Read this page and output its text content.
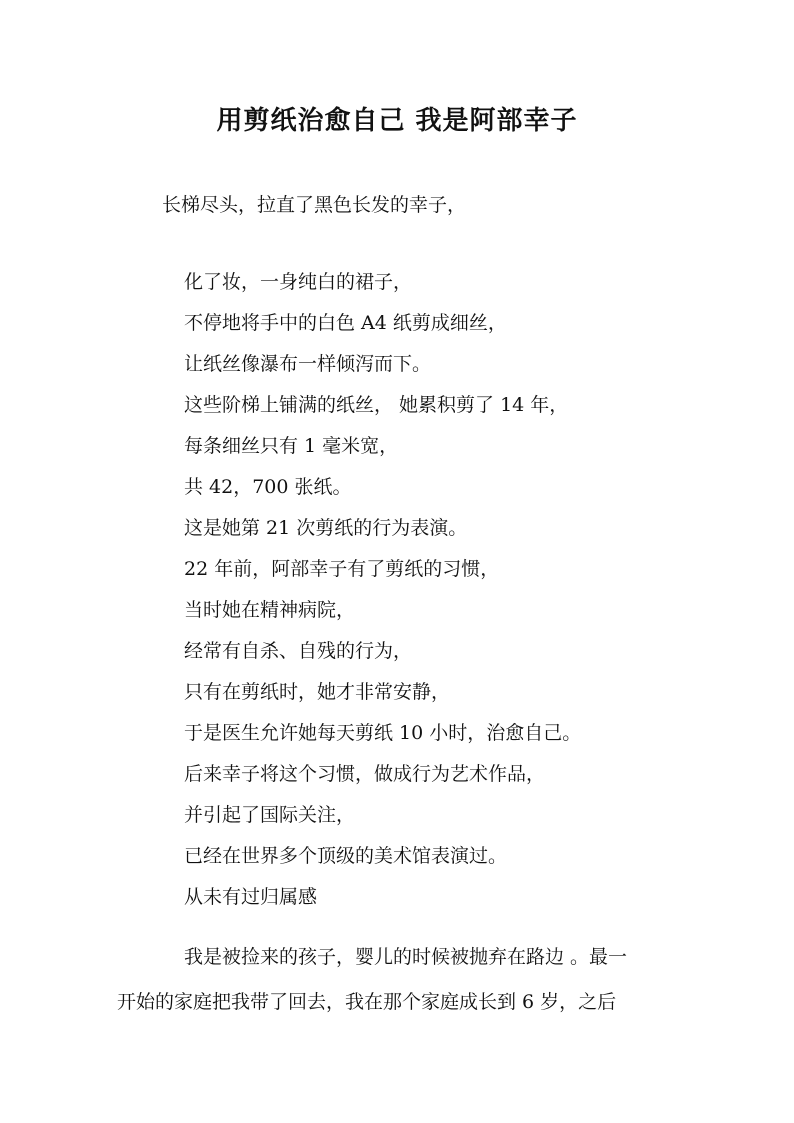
用剪纸治愈自己 我是阿部幸子
长梯尽头，拉直了黑色长发的幸子，
化了妆，一身纯白的裙子，
不停地将手中的白色 A4 纸剪成细丝，
让纸丝像瀑布一样倾泻而下。
这些阶梯上铺满的纸丝， 她累积剪了 14 年，
每条细丝只有 1 毫米宽，
共 42，700 张纸。
这是她第 21 次剪纸的行为表演。
22 年前，阿部幸子有了剪纸的习惯，
当时她在精神病院，
经常有自杀、自残的行为，
只有在剪纸时，她才非常安静，
于是医生允许她每天剪纸 10 小时，治愈自己。
后来幸子将这个习惯，做成行为艺术作品，
并引起了国际关注，
已经在世界多个顶级的美术馆表演过。
从未有过归属感
我是被捡来的孩子，婴儿的时候被抛弃在路边 。最一
开始的家庭把我带了回去，我在那个家庭成长到 6 岁，之后
